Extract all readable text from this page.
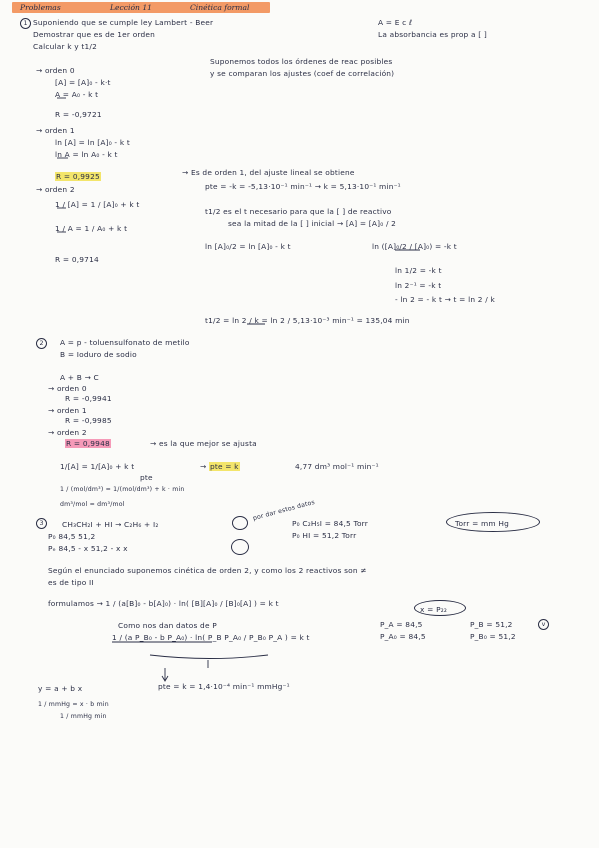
Problemas	Lección 11	Cinética formal
1 Suponiendo que se cumple ley Lambert - Beer
Demostrar que es de 1er orden
Calcular k y t1/2
A = E c ℓ
La absorbancia es prop a [ ]
Suponemos todos los órdenes de reac posibles
y se comparan los ajustes (coef de correlación)
→ orden 0
[A] = [A]₀ - k·t
A = A₀ - k t
R = -0,9721
→ orden 1
ln [A] = ln [A]₀ - k t
ln A = ln A₀ - k t
R = 0,9925
→ orden 2
1 / [A] = 1 / [A]₀ + k t
1 / A = 1 / A₀ + k t
R = 0,9714
→ Es de orden 1, del ajuste lineal se obtiene
pte = -k = -5,13·10⁻¹ min⁻¹ → k = 5,13·10⁻¹ min⁻¹
t1/2 es el t necesario para que la [ ] de reactivo
sea la mitad de la [ ] inicial → [A] = [A]₀ / 2
ln [A]₀/2 = ln [A]₀ - k t	ln ([A]₀/2 / [A]₀) = -k t
ln 1/2 = -k t
ln 2⁻¹ = -k t
- ln 2 = - k t → t = ln 2 / k
t1/2 = ln 2 / k = ln 2 / 5,13·10⁻³ min⁻¹ = 135,04 min
2	A = p - toluensulfonato de metilo
B = Ioduro de sodio
A + B → C
→ orden 0
R = -0,9941
→ orden 1
R = -0,9985
→ orden 2
R = 0,9948	→ es la que mejor se ajusta
1/[A] = 1/[A]₀ + k t
pte
→ pte = k	4,77 dm³ mol⁻¹ min⁻¹
1 / (mol/dm³) = 1/(mol/dm³) + k · min
dm³/mol = dm³/mol
3	CH₃CH₂I + HI → C₂H₆ + I₂
por dar estos datos
P₀ 84,5 51,2
Pₑ 84,5 - x 51,2 - x x
P₀ C₂H₅I = 84,5 Torr
P₀ HI = 51,2 Torr
Torr = mm Hg
Según el enunciado suponemos cinética de orden 2, y como los 2 reactivos son ≠
es de tipo II
formulamos → 1 / (a[B]₀ - b[A]₀) · ln( [B][A]₀ / [B]₀[A] ) = k t
Como nos dan datos de P
1 / (a P_B₀ - b P_A₀) · ln( P_B P_A₀ / P_B₀ P_A ) = k t
x = P₂₂
P_A = 84,5
P_A₀ = 84,5
P_B = 51,2
P_B₀ = 51,2
v
pte = k = 1,4·10⁻⁴ min⁻¹ mmHg⁻¹
y = a + b x
1 / mmHg = x · b min
1 / mmHg min
